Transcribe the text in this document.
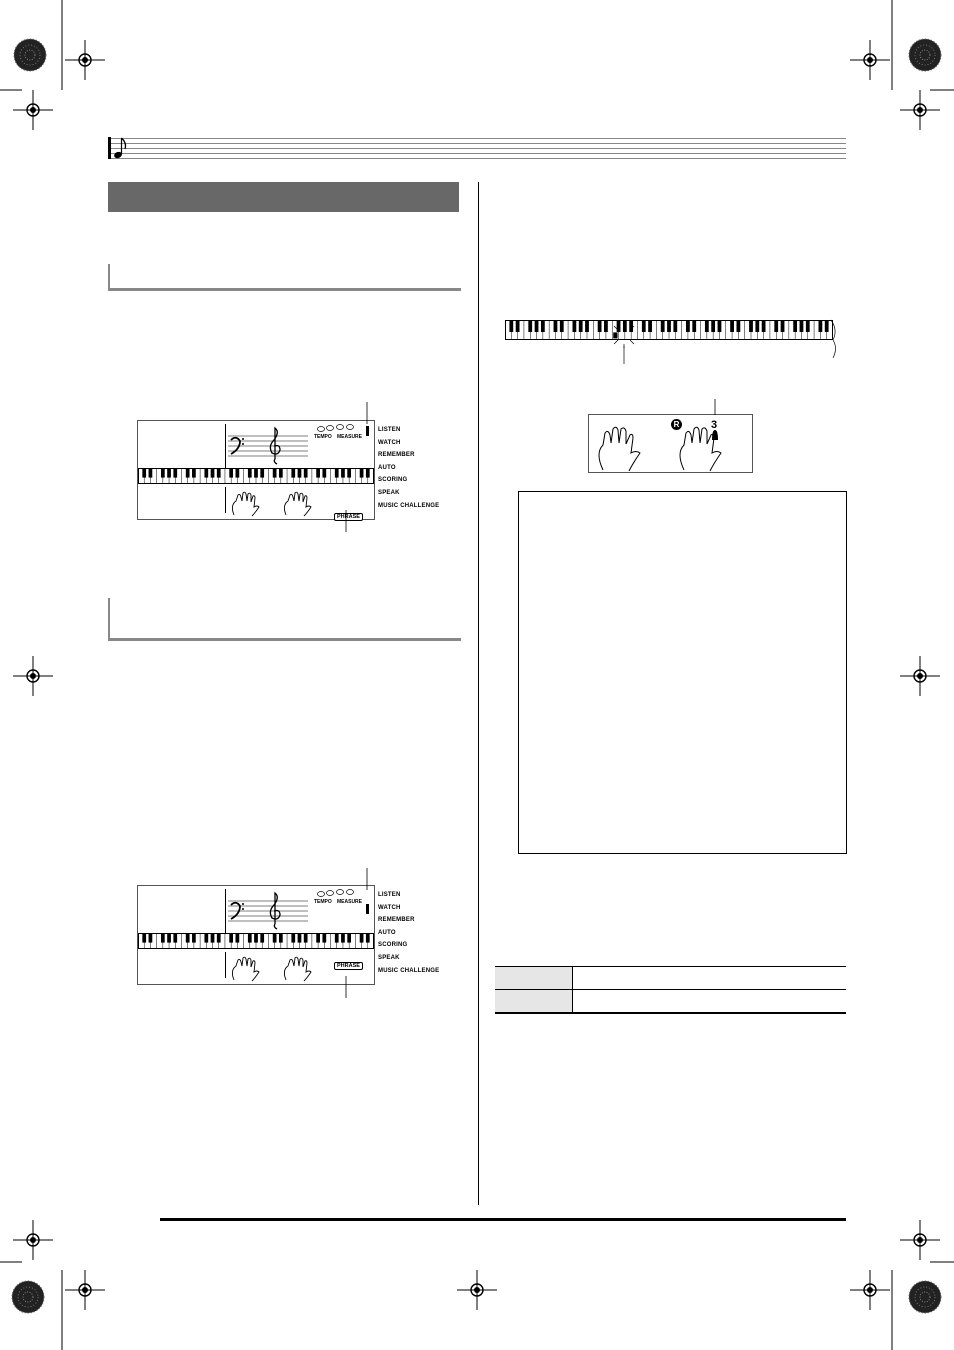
TEMPO MEASURE
PHRASE
LISTEN
WATCH
REMEMBER
AUTO
SCORING
SPEAK
MUSIC CHALLENGE
TEMPO MEASURE
PHRASE
LISTEN
WATCH
REMEMBER
AUTO
SCORING
SPEAK
MUSIC CHALLENGE
R	3
